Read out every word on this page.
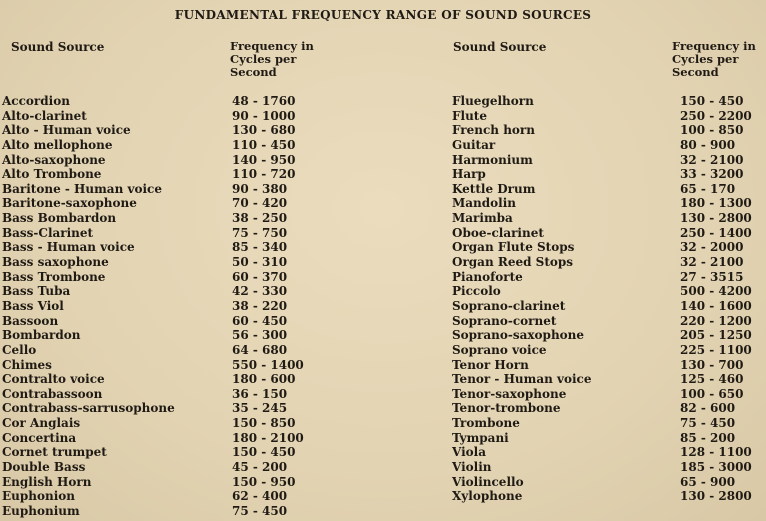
FUNDAMENTAL FREQUENCY RANGE OF SOUND SOURCES
Sound Source	Frequency in
Cycles per
Second
Accordion	48 - 1760
Alto-clarinet	90 - 1000
Alto - Human voice	130 - 680
Alto mellophone	110 - 450
Alto-saxophone	140 - 950
Alto Trombone	110 - 720
Baritone - Human voice	90 - 380
Baritone-saxophone	70 - 420
Bass Bombardon	38 - 250
Bass-Clarinet	75 - 750
Bass - Human voice	85 - 340
Bass saxophone	50 - 310
Bass Trombone	60 - 370
Bass Tuba	42 - 330
Bass Viol	38 - 220
Bassoon	60 - 450
Bombardon	56 - 300
Cello	64 - 680
Chimes	550 - 1400
Contralto voice	180 - 600
Contrabassoon	36 - 150
Contrabass-sarrusophone	35 - 245
Cor Anglais	150 - 850
Concertina	180 - 2100
Cornet trumpet	150 - 450
Double Bass	45 - 200
English Horn	150 - 950
Euphonion	62 - 400
Euphonium	75 - 450
Sound Source	Frequency in
Cycles per
Second
Fluegelhorn	150 - 450
Flute	250 - 2200
French horn	100 - 850
Guitar	80 - 900
Harmonium	32 - 2100
Harp	33 - 3200
Kettle Drum	65 - 170
Mandolin	180 - 1300
Marimba	130 - 2800
Oboe-clarinet	250 - 1400
Organ Flute Stops	32 - 2000
Organ Reed Stops	32 - 2100
Pianoforte	27 - 3515
Piccolo	500 - 4200
Soprano-clarinet	140 - 1600
Soprano-cornet	220 - 1200
Soprano-saxophone	205 - 1250
Soprano voice	225 - 1100
Tenor Horn	130 - 700
Tenor - Human voice	125 - 460
Tenor-saxophone	100 - 650
Tenor-trombone	82 - 600
Trombone	75 - 450
Tympani	85 - 200
Viola	128 - 1100
Violin	185 - 3000
Violincello	65 - 900
Xylophone	130 - 2800
